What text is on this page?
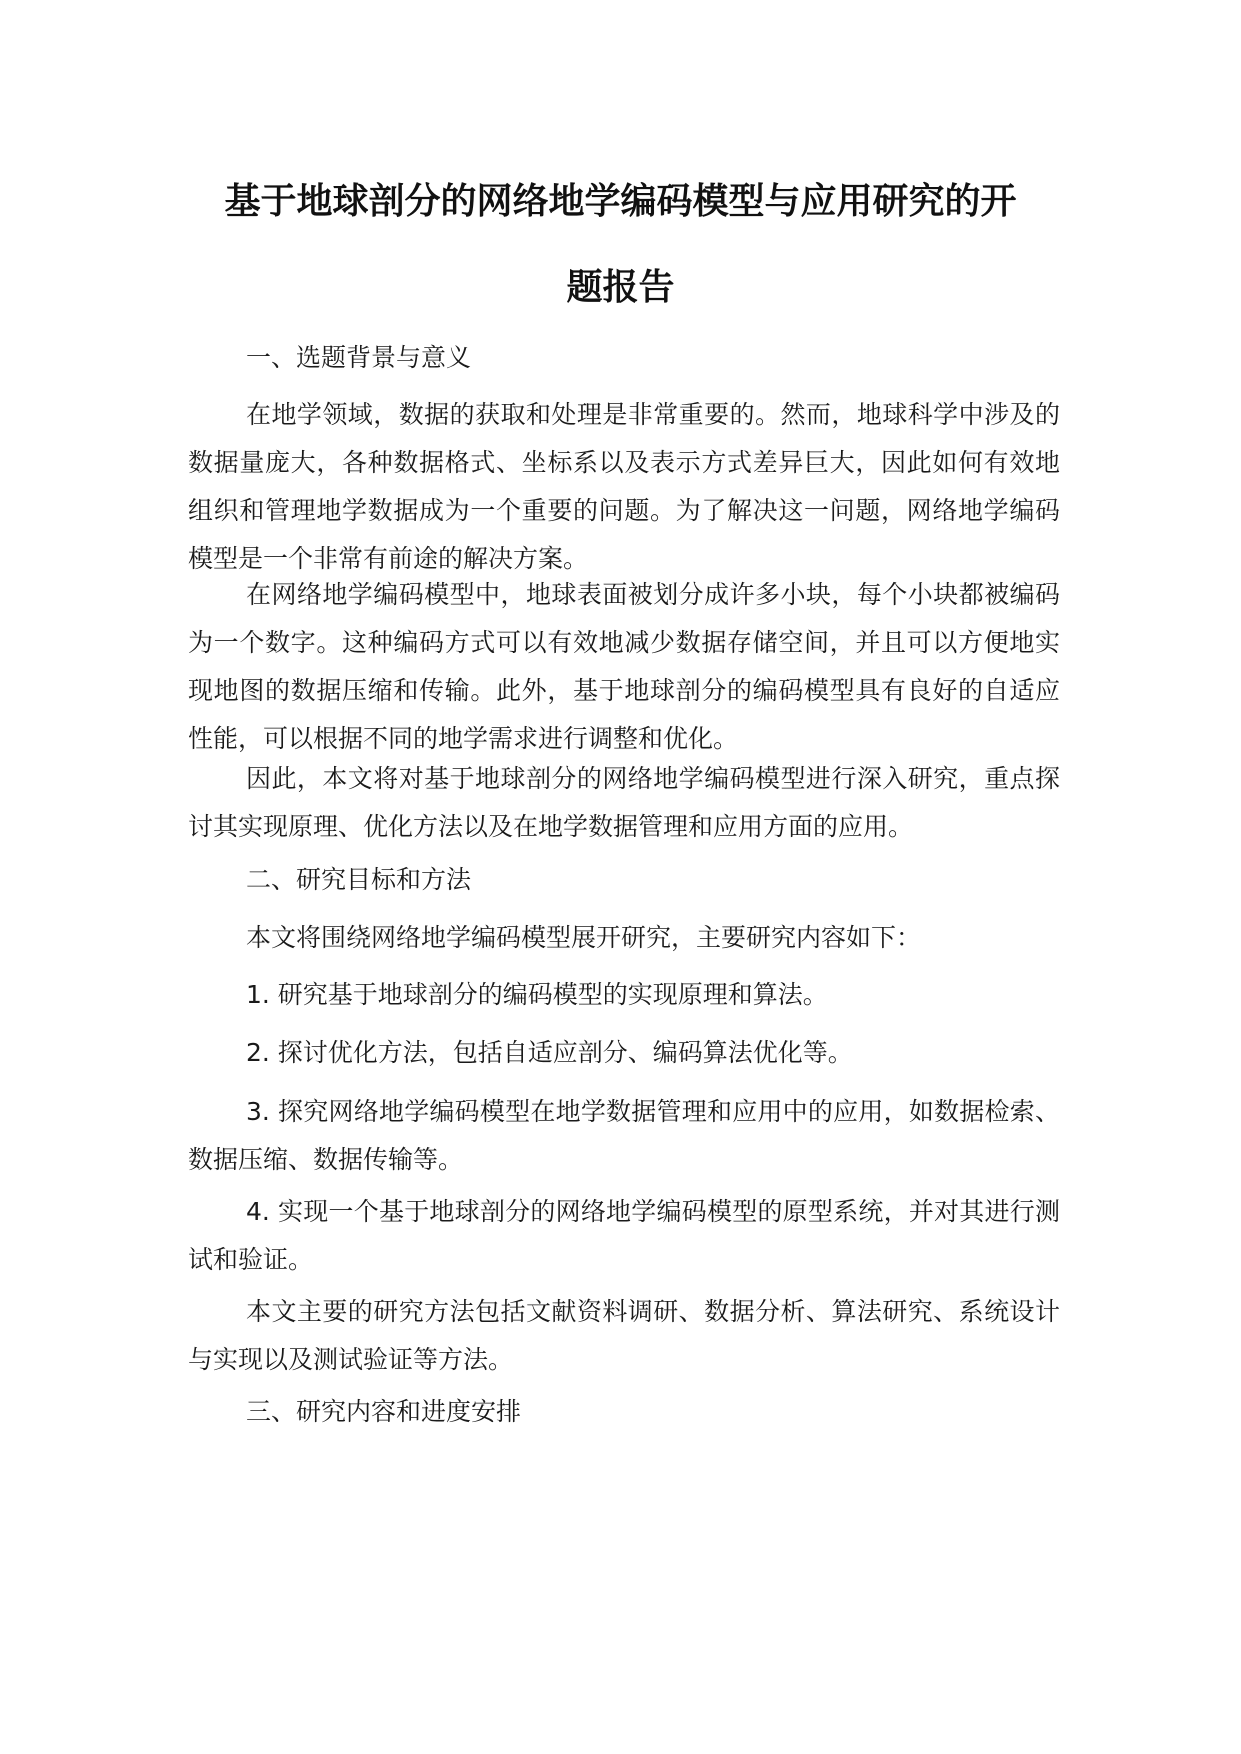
基于地球剖分的网络地学编码模型与应用研究的开
题报告

一、选题背景与意义

在地学领域，数据的获取和处理是非常重要的。然而，地球科学中涉及的数据量庞大，各种数据格式、坐标系以及表示方式差异巨大，因此如何有效地组织和管理地学数据成为一个重要的问题。为了解决这一问题，网络地学编码模型是一个非常有前途的解决方案。

在网络地学编码模型中，地球表面被划分成许多小块，每个小块都被编码为一个数字。这种编码方式可以有效地减少数据存储空间，并且可以方便地实现地图的数据压缩和传输。此外，基于地球剖分的编码模型具有良好的自适应性能，可以根据不同的地学需求进行调整和优化。

因此，本文将对基于地球剖分的网络地学编码模型进行深入研究，重点探讨其实现原理、优化方法以及在地学数据管理和应用方面的应用。

二、研究目标和方法

本文将围绕网络地学编码模型展开研究，主要研究内容如下：

1. 研究基于地球剖分的编码模型的实现原理和算法。

2. 探讨优化方法，包括自适应剖分、编码算法优化等。

3. 探究网络地学编码模型在地学数据管理和应用中的应用，如数据检索、数据压缩、数据传输等。

4. 实现一个基于地球剖分的网络地学编码模型的原型系统，并对其进行测试和验证。

本文主要的研究方法包括文献资料调研、数据分析、算法研究、系统设计与实现以及测试验证等方法。

三、研究内容和进度安排
